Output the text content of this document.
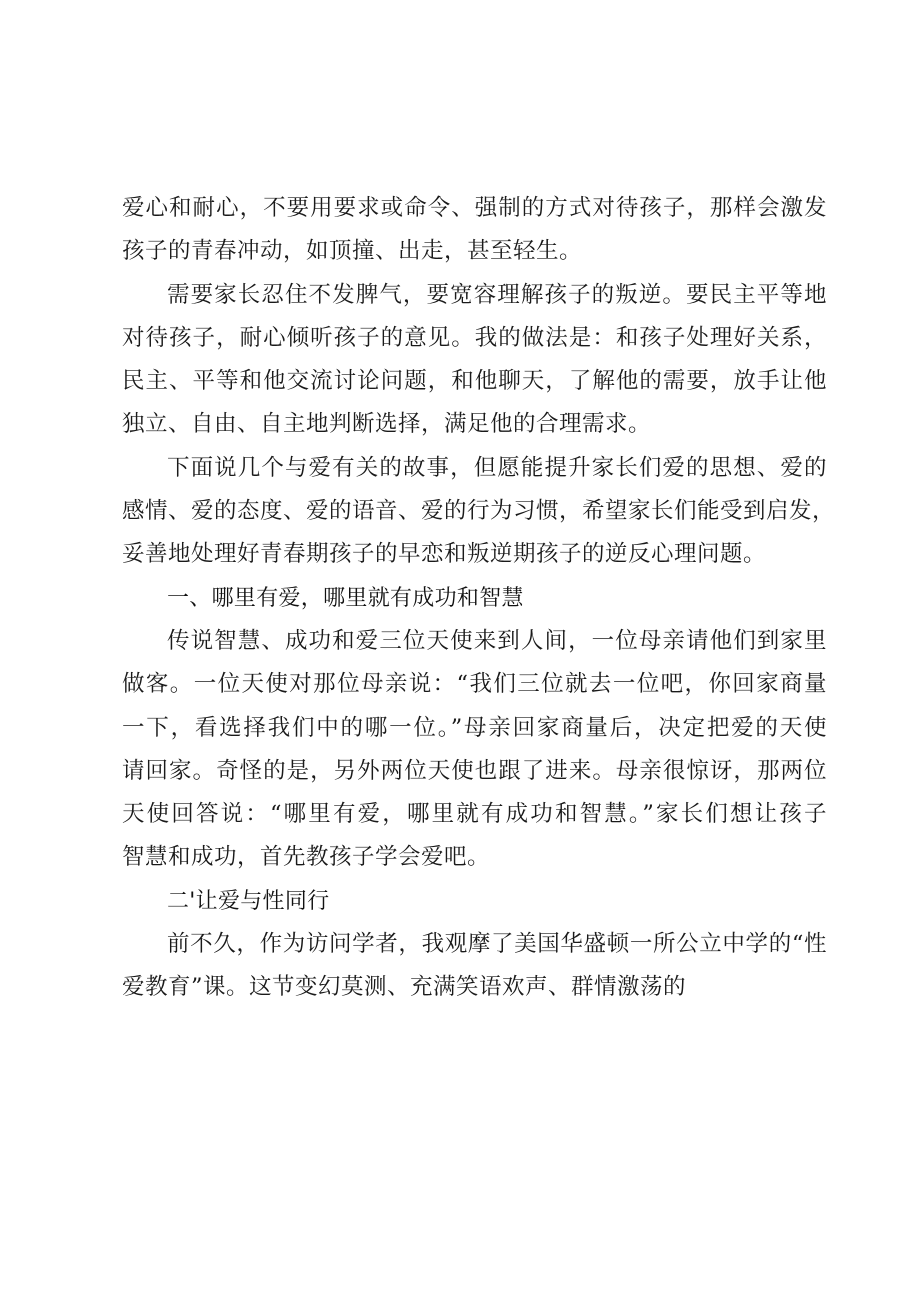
爱心和耐心，不要用要求或命令、强制的方式对待孩子，那样会激发
孩子的青春冲动，如顶撞、出走，甚至轻生。
需要家长忍住不发脾气，要宽容理解孩子的叛逆。要民主平等地
对待孩子，耐心倾听孩子的意见。我的做法是：和孩子处理好关系，
民主、平等和他交流讨论问题，和他聊天，了解他的需要，放手让他
独立、自由、自主地判断选择，满足他的合理需求。
下面说几个与爱有关的故事，但愿能提升家长们爱的思想、爱的
感情、爱的态度、爱的语音、爱的行为习惯，希望家长们能受到启发，
妥善地处理好青春期孩子的早恋和叛逆期孩子的逆反心理问题。
一、哪里有爱，哪里就有成功和智慧
传说智慧、成功和爱三位天使来到人间，一位母亲请他们到家里
做客。一位天使对那位母亲说：“我们三位就去一位吧，你回家商量
一下，看选择我们中的哪一位。”母亲回家商量后，决定把爱的天使
请回家。奇怪的是，另外两位天使也跟了进来。母亲很惊讶，那两位
天使回答说：“哪里有爱，哪里就有成功和智慧。”家长们想让孩子
智慧和成功，首先教孩子学会爱吧。
二'让爱与性同行
前不久，作为访问学者，我观摩了美国华盛顿一所公立中学的“性
爱教育”课。这节变幻莫测、充满笑语欢声、群情激荡的
